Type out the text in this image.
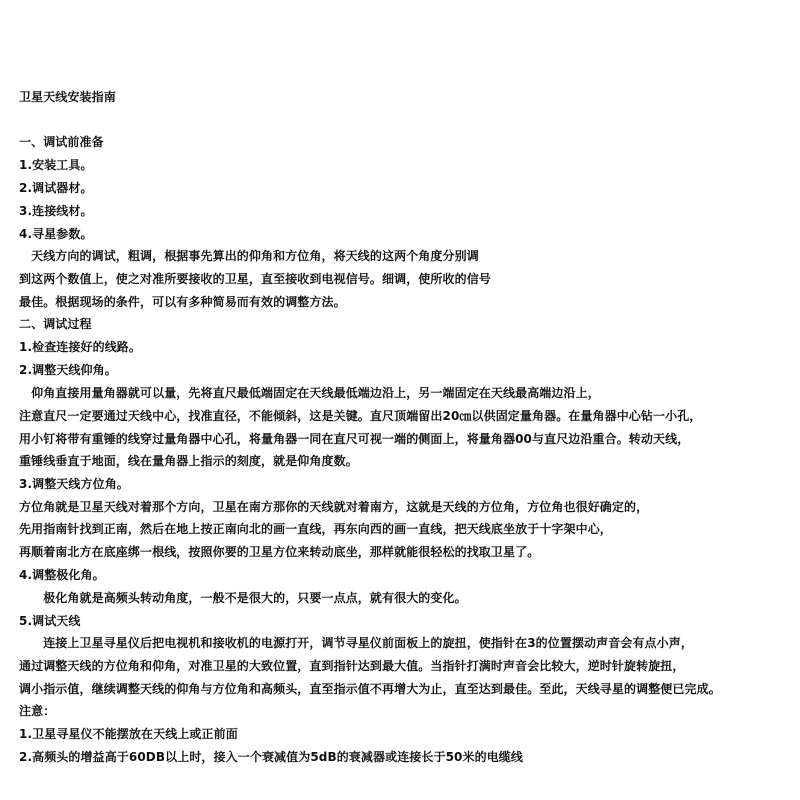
卫星天线安装指南
一、调试前准备
1.安装工具。
2.调试器材。
3.连接线材。
4.寻星参数。
　天线方向的调试，粗调，根据事先算出的仰角和方位角，将天线的这两个角度分别调
到这两个数值上，使之对准所要接收的卫星，直至接收到电视信号。细调，使所收的信号
最佳。根据现场的条件，可以有多种简易而有效的调整方法。
二、调试过程
1.检查连接好的线路。
2.调整天线仰角。
　仰角直接用量角器就可以量，先将直尺最低端固定在天线最低端边沿上，另一端固定在天线最高端边沿上，
注意直尺一定要通过天线中心，找准直径，不能倾斜，这是关键。直尺顶端留出20㎝以供固定量角器。在量角器中心钻一小孔，
用小钉将带有重锤的线穿过量角器中心孔，将量角器一同在直尺可视一端的侧面上，将量角器00与直尺边沿重合。转动天线，
重锤线垂直于地面，线在量角器上指示的刻度，就是仰角度数。
3.调整天线方位角。
方位角就是卫星天线对着那个方向，卫星在南方那你的天线就对着南方，这就是天线的方位角，方位角也很好确定的，
先用指南针找到正南，然后在地上按正南向北的画一直线，再东向西的画一直线，把天线底坐放于十字架中心，
再顺着南北方在底座绑一根线，按照你要的卫星方位来转动底坐，那样就能很轻松的找取卫星了。
4.调整极化角。
　　极化角就是高频头转动角度，一般不是很大的，只要一点点，就有很大的变化。
5.调试天线
　　连接上卫星寻星仪后把电视机和接收机的电源打开，调节寻星仪前面板上的旋扭，使指针在3的位置摆动声音会有点小声，
通过调整天线的方位角和仰角，对准卫星的大致位置，直到指针达到最大值。当指针打满时声音会比较大，逆时针旋转旋扭，
调小指示值，继续调整天线的仰角与方位角和高频头，直至指示值不再增大为止，直至达到最佳。至此，天线寻星的调整便已完成。
注意：
1.卫星寻星仪不能摆放在天线上或正前面
2.高频头的增益高于60DB以上时，接入一个衰减值为5dB的衰减器或连接长于50米的电缆线
